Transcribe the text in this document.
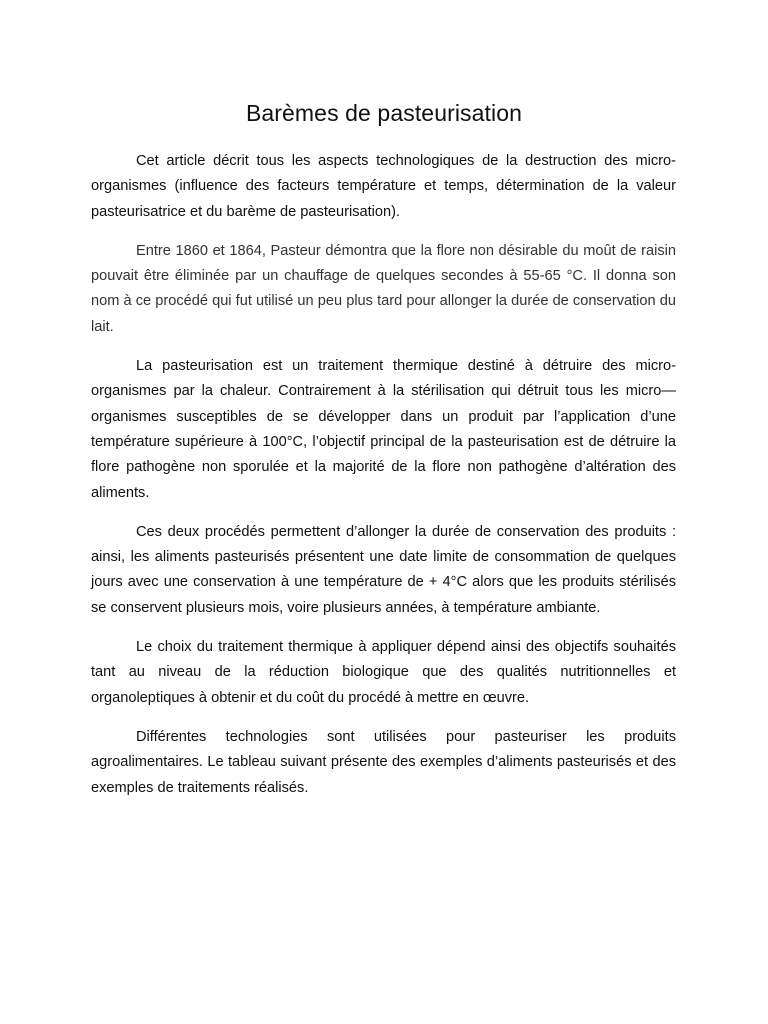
Barèmes de pasteurisation

Cet article décrit tous les aspects technologiques de la destruction des micro-organismes (influence des facteurs température et temps, détermination de la valeur pasteurisatrice et du barème de pasteurisation).

Entre 1860 et 1864, Pasteur démontra que la flore non désirable du moût de raisin pouvait être éliminée par un chauffage de quelques secondes à 55-65 °C. Il donna son nom à ce procédé qui fut utilisé un peu plus tard pour allonger la durée de conservation du lait.

La pasteurisation est un traitement thermique destiné à détruire des micro-organismes par la chaleur. Contrairement à la stérilisation qui détruit tous les micro—organismes susceptibles de se développer dans un produit par l’application d’une température supérieure à 100°C, l’objectif principal de la pasteurisation est de détruire la flore pathogène non sporulée et la majorité de la flore non pathogène d’altération des aliments.

Ces deux procédés permettent d’allonger la durée de conservation des produits : ainsi, les aliments pasteurisés présentent une date limite de consommation de quelques jours avec une conservation à une température de + 4°C alors que les produits stérilisés se conservent plusieurs mois, voire plusieurs années, à température ambiante.

Le choix du traitement thermique à appliquer dépend ainsi des objectifs souhaités tant au niveau de la réduction biologique que des qualités nutritionnelles et organoleptiques à obtenir et du coût du procédé à mettre en œuvre.

Différentes technologies sont utilisées pour pasteuriser les produits agroalimentaires. Le tableau suivant présente des exemples d’aliments pasteurisés et des exemples de traitements réalisés.
